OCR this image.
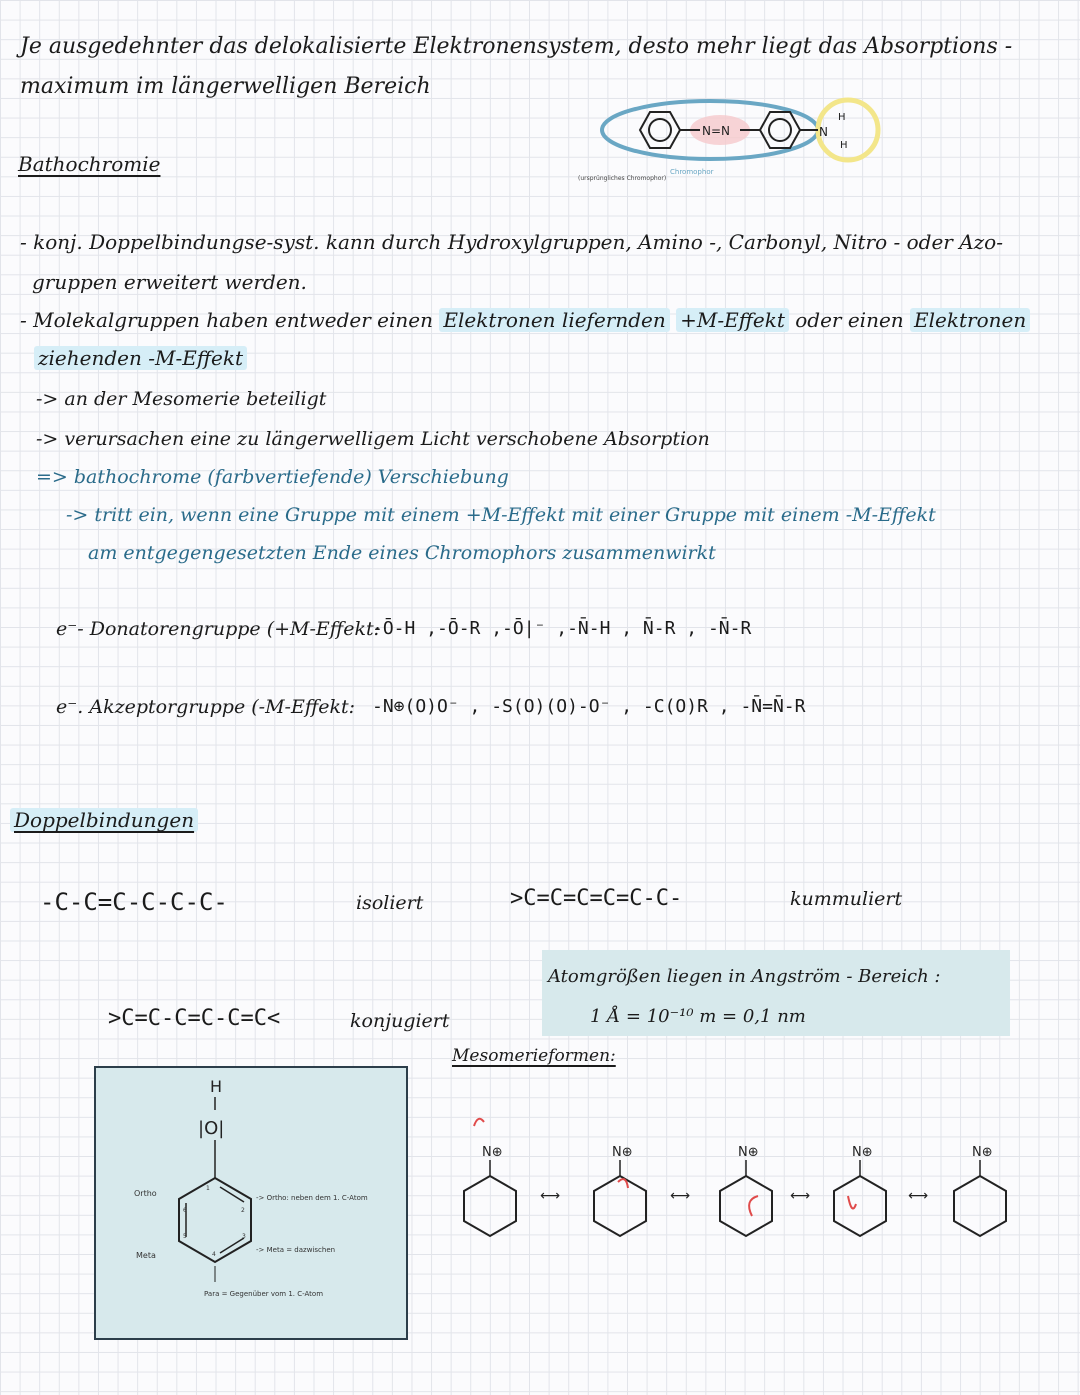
Je ausgedehnter das delokalisierte Elektronensystem, desto mehr liegt das Absorptions -
maximum im längerwelligen Bereich
Bathochromie
N=N	N
H
H
(ursprüngliches Chromophor)
Chromophor
- konj. Doppelbindungse-syst. kann durch Hydroxylgruppen, Amino -, Carbonyl, Nitro - oder Azo-
gruppen erweitert werden.
- Molekalgruppen haben entweder einen Elektronen liefernden +M-Effekt oder einen Elektronen
ziehenden -M-Effekt
-> an der Mesomerie beteiligt
-> verursachen eine zu längerwelligem Licht verschobene Absorption
=> bathochrome (farbvertiefende) Verschiebung
-> tritt ein, wenn eine Gruppe mit einem +M-Effekt mit einer Gruppe mit einem -M-Effekt
am entgegengesetzten Ende eines Chromophors zusammenwirkt
e⁻- Donatorengruppe (+M-Effekt:
-Ō-H ,-Ō-R ,-Ō|⁻ ,-N̄-H , N̄-R , -N̄-R
e⁻. Akzeptorgruppe (-M-Effekt: -N⊕(O)O⁻ , -S(O)(O)-O⁻ , -C(O)R , -N̄=N̄-R
Doppelbindungen
-C-C=C-C-C-C-	isoliert	>C=C=C=C=C-C-	kummuliert
>C=C-C=C-C=C<	konjugiert
Atomgrößen liegen in Angström - Bereich :
1 Å = 10⁻¹⁰ m = 0,1 nm
Mesomerieformen:
H
|O|
1
2
3
4
5
6
Ortho
Meta
-> Ortho: neben dem 1. C-Atom
-> Meta = dazwischen
Para = Gegenüber vom 1. C-Atom
N⊕
⟷
N⊕
⟷
N⊕
⟷
N⊕
⟷
N⊕
